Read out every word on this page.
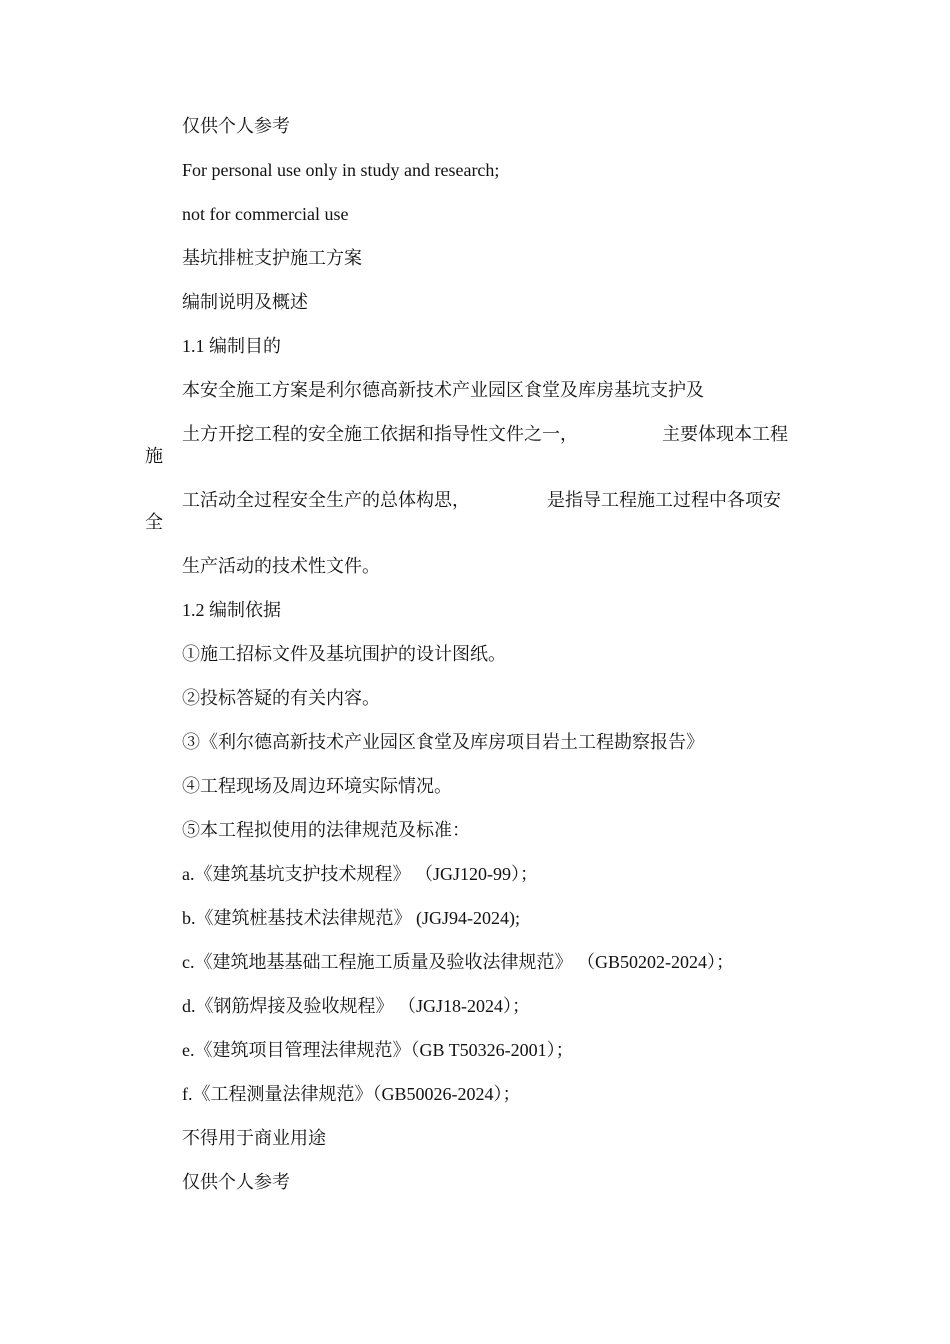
仅供个人参考
For personal use only in study and research;
not for commercial use
基坑排桩支护施工方案
编制说明及概述
1.1 编制目的
本安全施工方案是利尔德高新技术产业园区食堂及库房基坑支护及
土方开挖工程的安全施工依据和指导性文件之一，	主要体现本工程
施
工活动全过程安全生产的总体构思，	是指导工程施工过程中各项安
全
生产活动的技术性文件。
1.2 编制依据
①施工招标文件及基坑围护的设计图纸。
②投标答疑的有关内容。
③《利尔德高新技术产业园区食堂及库房项目岩土工程勘察报告》
④工程现场及周边环境实际情况。
⑤本工程拟使用的法律规范及标准：
a.《建筑基坑支护技术规程》 （JGJ120-99）；
b.《建筑桩基技术法律规范》 (JGJ94-2024);
c.《建筑地基基础工程施工质量及验收法律规范》 （GB50202-2024）；
d.《钢筋焊接及验收规程》 （JGJ18-2024）；
e.《建筑项目管理法律规范》（GB T50326-2001）；
f.《工程测量法律规范》（GB50026-2024）；
不得用于商业用途
仅供个人参考
